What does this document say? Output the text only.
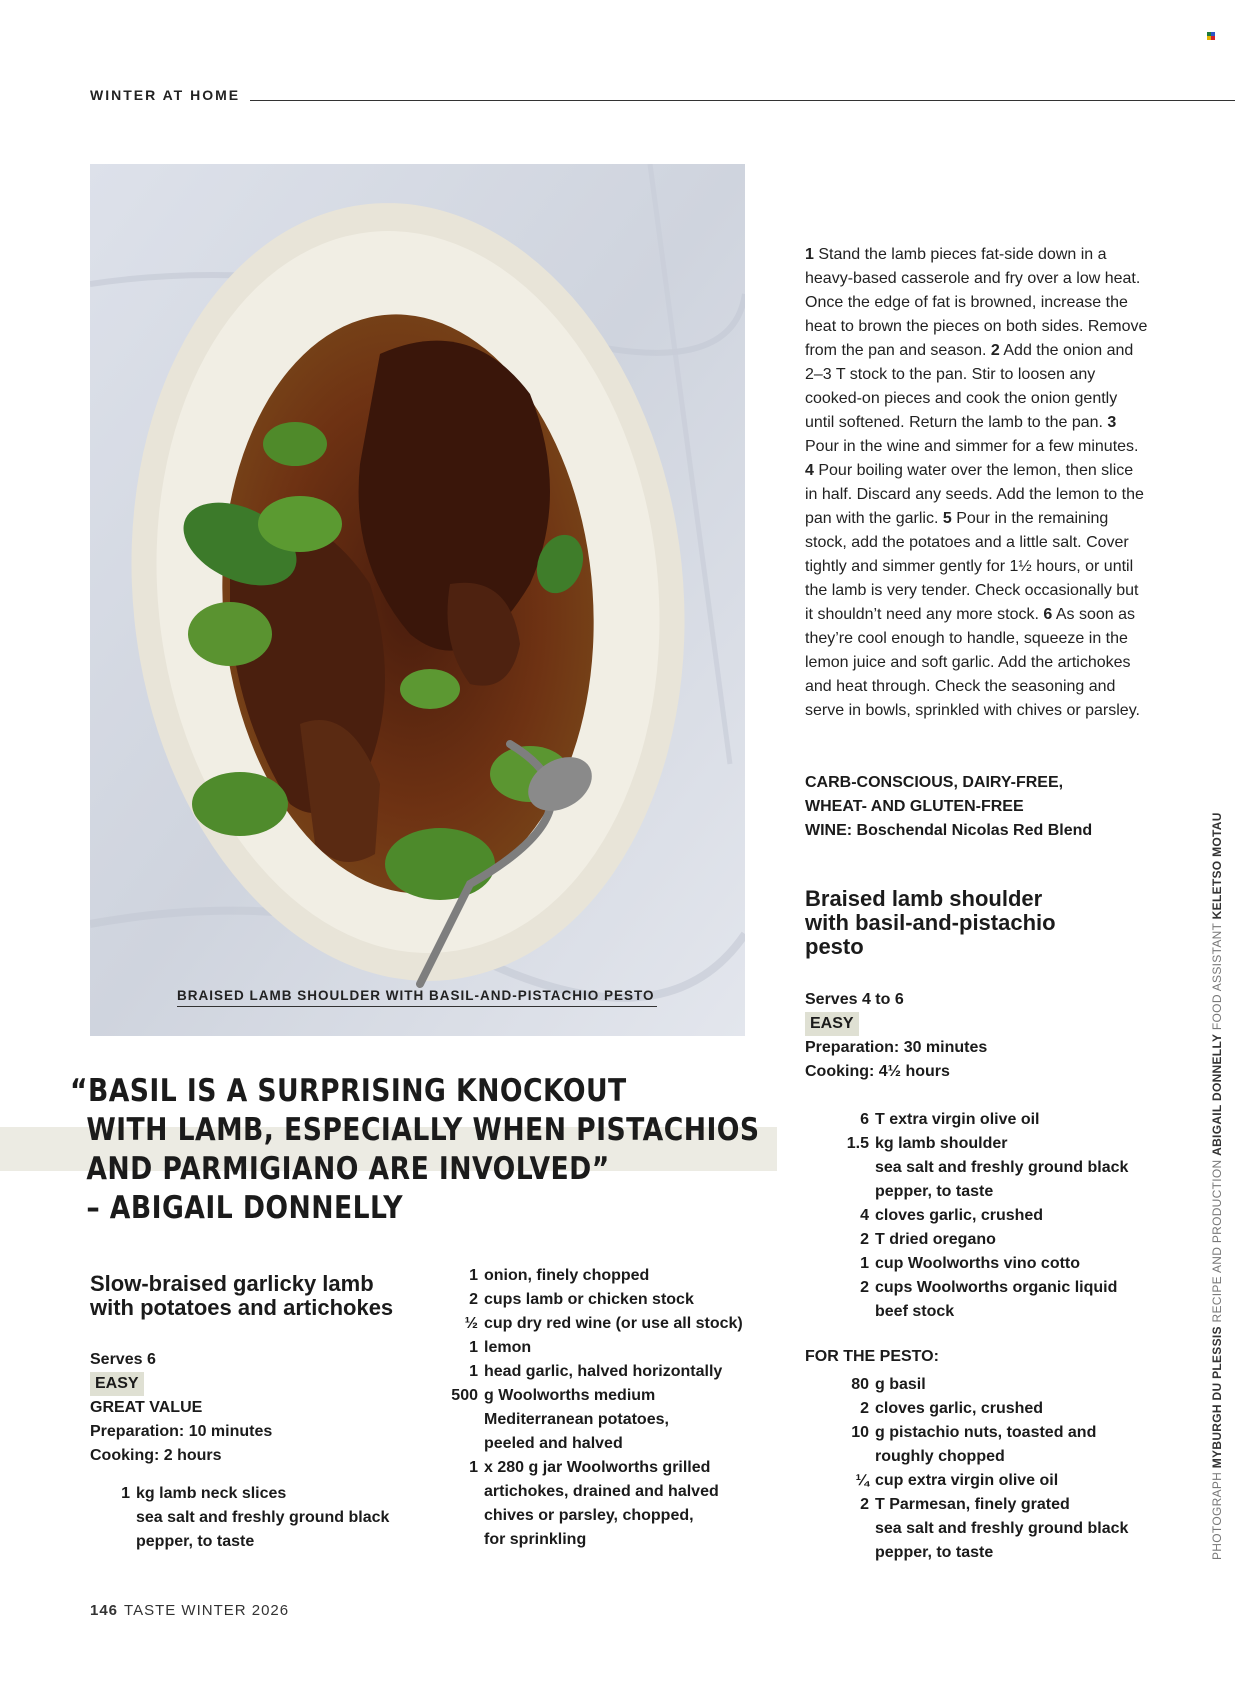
WINTER AT HOME
BRAISED LAMB SHOULDER WITH BASIL-AND-PISTACHIO PESTO
“BASIL IS A SURPRISING KNOCKOUT
WITH LAMB, ESPECIALLY WHEN PISTACHIOS
AND PARMIGIANO ARE INVOLVED”
– ABIGAIL DONNELLY
1 Stand the lamb pieces fat-side down in a heavy-based casserole and fry over a low heat. Once the edge of fat is browned, increase the heat to brown the pieces on both sides. Remove from the pan and season. 2 Add the onion and 2–3 T stock to the pan. Stir to loosen any cooked-on pieces and cook the onion gently until softened. Return the lamb to the pan. 3 Pour in the wine and simmer for a few minutes. 4 Pour boiling water over the lemon, then slice in half. Discard any seeds. Add the lemon to the pan with the garlic. 5 Pour in the remaining stock, add the potatoes and a little salt. Cover tightly and simmer gently for 1½ hours, or until the lamb is very tender. Check occasionally but it shouldn’t need any more stock. 6 As soon as they’re cool enough to handle, squeeze in the lemon juice and soft garlic. Add the artichokes and heat through. Check the seasoning and serve in bowls, sprinkled with chives or parsley.
CARB-CONSCIOUS, DAIRY-FREE,
WHEAT- AND GLUTEN-FREE
WINE: Boschendal Nicolas Red Blend
Braised lamb shoulder
with basil-and-pistachio
pesto
Serves 4 to 6
EASY
Preparation: 30 minutes
Cooking: 4½ hours
6 T extra virgin olive oil
1.5 kg lamb shoulder
sea salt and freshly ground black
pepper, to taste
4 cloves garlic, crushed
2 T dried oregano
1 cup Woolworths vino cotto
2 cups Woolworths organic liquid
beef stock
FOR THE PESTO:
80 g basil
2 cloves garlic, crushed
10 g pistachio nuts, toasted and
roughly chopped
¼ cup extra virgin olive oil
2 T Parmesan, finely grated
sea salt and freshly ground black
pepper, to taste
Slow-braised garlicky lamb
with potatoes and artichokes
Serves 6
EASY
GREAT VALUE
Preparation: 10 minutes
Cooking: 2 hours
1 kg lamb neck slices
sea salt and freshly ground black
pepper, to taste
1 onion, finely chopped
2 cups lamb or chicken stock
½ cup dry red wine (or use all stock)
1 lemon
1 head garlic, halved horizontally
500 g Woolworths medium
Mediterranean potatoes,
peeled and halved
1 x 280 g jar Woolworths grilled
artichokes, drained and halved
chives or parsley, chopped,
for sprinkling
146 TASTE WINTER 2026
PHOTOGRAPH MYBURGH DU PLESSIS RECIPE AND PRODUCTION ABIGAIL DONNELLY FOOD ASSISTANT KELETSO MOTAU
